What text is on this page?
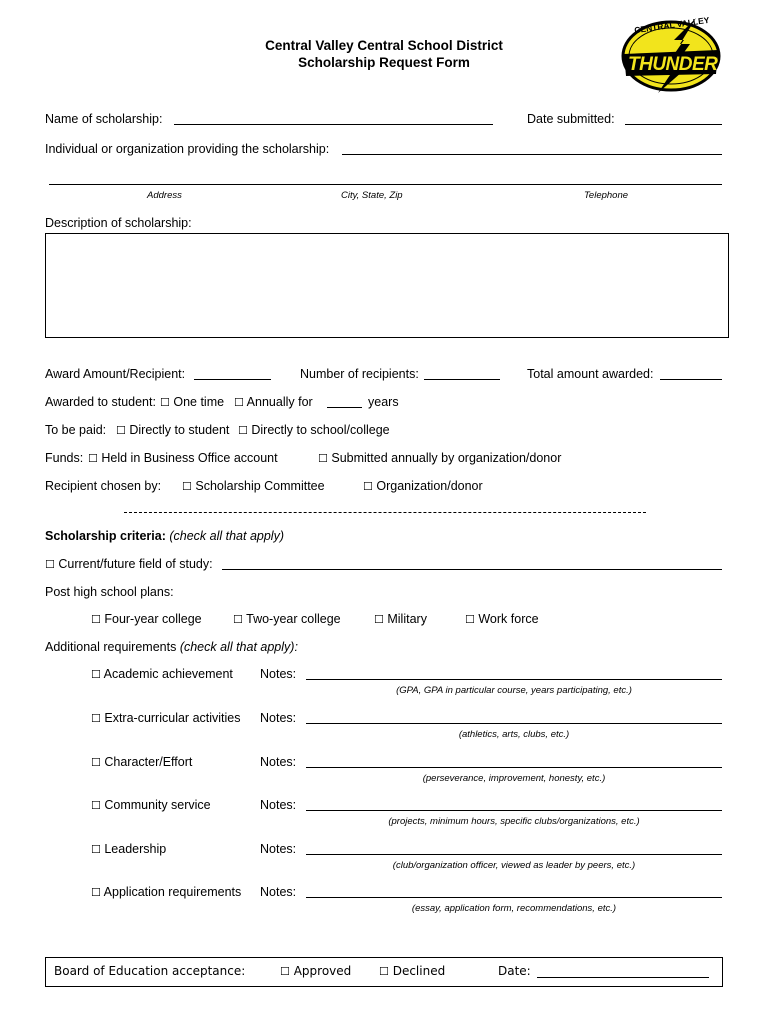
Central Valley Central School District
Scholarship Request Form
CENTRAL VALLEY
THUNDER
Name of scholarship:	Date submitted:
Individual or organization providing the scholarship:
Address	City, State, Zip	Telephone
Description of scholarship:
Award Amount/Recipient:	Number of recipients:	Total amount awarded:
Awarded to student: ☐ One time ☐ Annually for	years
To be paid: ☐ Directly to student ☐ Directly to school/college
Funds: ☐ Held in Business Office account	☐ Submitted annually by organization/donor
Recipient chosen by: ☐ Scholarship Committee	☐ Organization/donor
Scholarship criteria: (check all that apply)
☐ Current/future field of study:
Post high school plans:
☐ Four-year college	☐ Two-year college	☐ Military	☐ Work force
Additional requirements (check all that apply):
☐ Academic achievement Notes:
(GPA, GPA in particular course, years participating, etc.)
☐ Extra-curricular activities Notes:
(athletics, arts, clubs, etc.)
☐ Character/Effort	Notes:
(perseverance, improvement, honesty, etc.)
☐ Community service	Notes:
(projects, minimum hours, specific clubs/organizations, etc.)
☐ Leadership	Notes:
(club/organization officer, viewed as leader by peers, etc.)
☐ Application requirements Notes:
(essay, application form, recommendations, etc.)
Board of Education acceptance:	☐ Approved	☐ Declined	Date:
